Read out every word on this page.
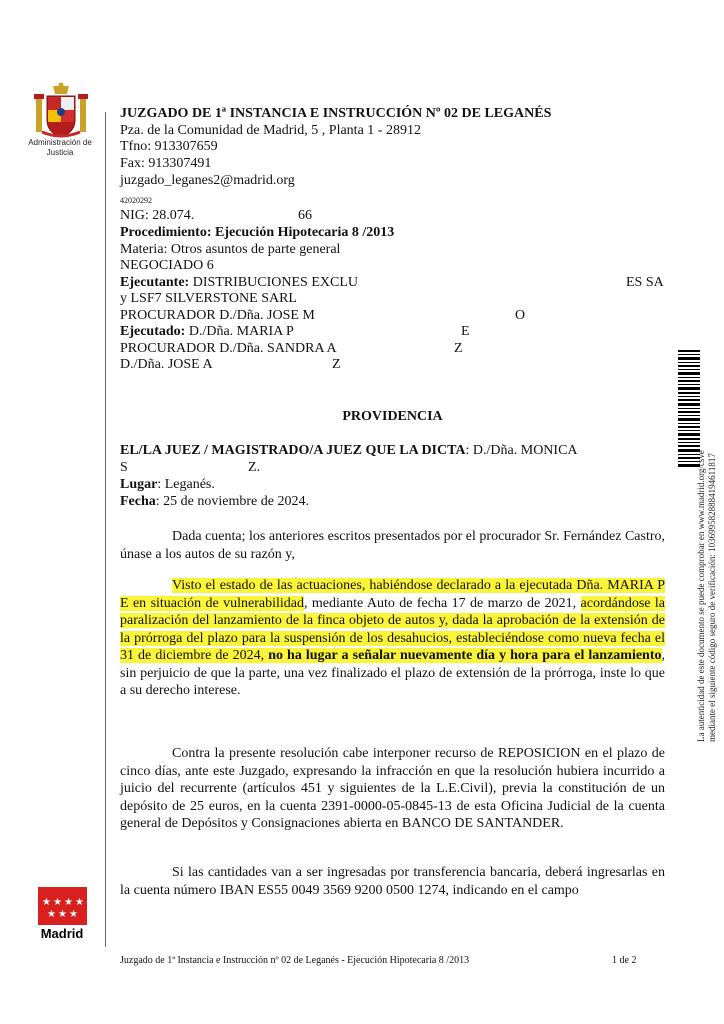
Administración de Justicia
★ ★ ★ ★
★ ★ ★
Madrid
JUZGADO DE 1ª INSTANCIA E INSTRUCCIÓN Nº 02 DE LEGANÉS
Pza. de la Comunidad de Madrid, 5 , Planta 1 - 28912
Tfno: 913307659
Fax: 913307491
juzgado_leganes2@madrid.org
42020292
NIG: 28.074.	66
Procedimiento: Ejecución Hipotecaria 8 /2013
Materia: Otros asuntos de parte general
NEGOCIADO 6
Ejecutante: DISTRIBUCIONES EXCLU	ES SA
y LSF7 SILVERSTONE SARL
PROCURADOR D./Dña. JOSE M	O
Ejecutado: D./Dña. MARIA P	E
PROCURADOR D./Dña. SANDRA A	Z
D./Dña. JOSE A	Z
PROVIDENCIA
EL/LA JUEZ / MAGISTRADO/A JUEZ QUE LA DICTA: D./Dña. MONICA
S	Z.
Lugar: Leganés.
Fecha: 25 de noviembre de 2024.
Dada cuenta; los anteriores escritos presentados por el procurador Sr. Fernández Castro, únase a los autos de su razón y,
Visto el estado de las actuaciones, habiéndose declarado a la ejecutada Dña. MARIA P E en situación de vulnerabilidad, mediante Auto de fecha 17 de marzo de 2021, acordándose la paralización del lanzamiento de la finca objeto de autos y, dada la aprobación de la extensión de la prórroga del plazo para la suspensión de los desahucios, estableciéndose como nueva fecha el 31 de diciembre de 2024, no ha lugar a señalar nuevamente día y hora para el lanzamiento, sin perjuicio de que la parte, una vez finalizado el plazo de extensión de la prórroga, inste lo que a su derecho interese.
Contra la presente resolución cabe interponer recurso de REPOSICION en el plazo de cinco días, ante este Juzgado, expresando la infracción en que la resolución hubiera incurrido a juicio del recurrente (artículos 451 y siguientes de la L.E.Civil), previa la constitución de un depósito de 25 euros, en la cuenta 2391-0000-05-0845-13 de esta Oficina Judicial de la cuenta general de Depósitos y Consignaciones abierta en BANCO DE SANTANDER.
Si las cantidades van a ser ingresadas por transferencia bancaria, deberá ingresarlas en la cuenta número IBAN ES55 0049 3569 9200 0500 1274, indicando en el campo
Juzgado de 1ª Instancia e Instrucción nº 02 de Leganés - Ejecución Hipotecaria 8 /2013	1 de 2
La autenticidad de este documento se puede comprobar en www.madrid.org/csve mediante el siguiente código seguro de verificación: 1036995828884194611817
